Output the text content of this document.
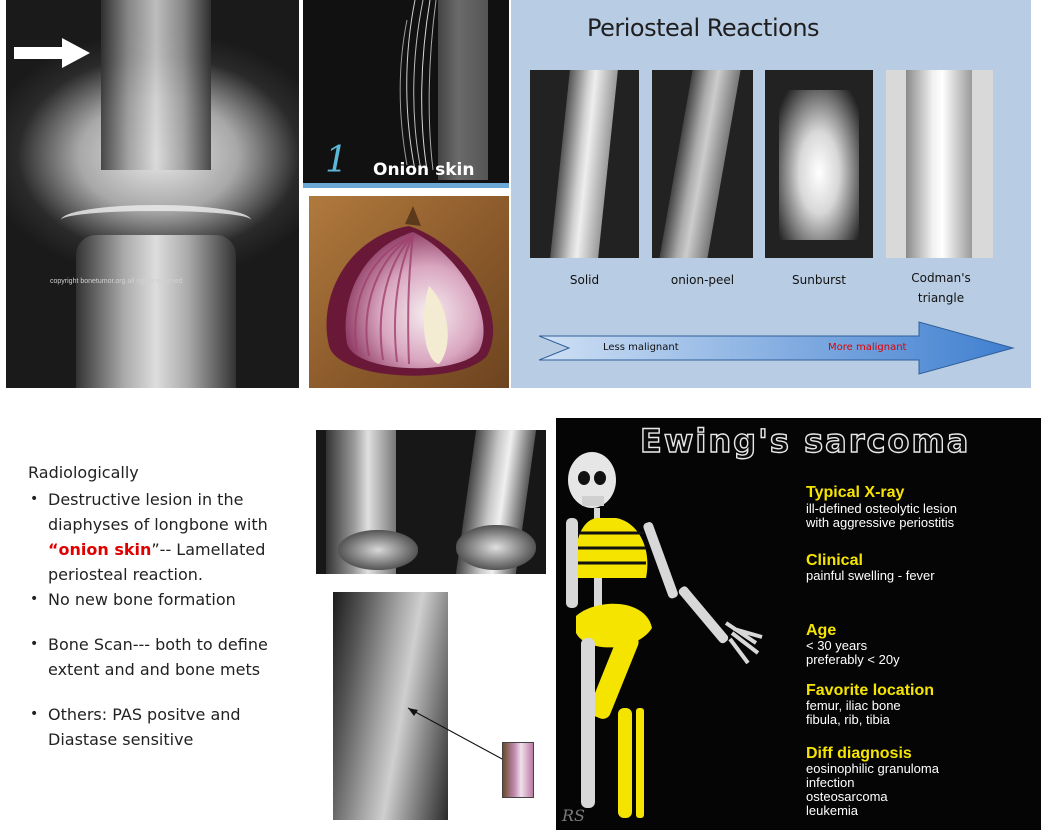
copyright bonetumor.org all rights reserved
1 Onion skin
Periosteal Reactions
Solid	onion-peel	Sunburst	Codman's triangle
Less malignant	More malignant
Radiologically
• Destructive lesion in the diaphyses of longbone with “onion skin”-- Lamellated periosteal reaction.
• No new bone formation
• Bone Scan--- both to define extent and and bone mets
• Others: PAS positve and Diastase sensitive
Ewing's sarcoma
Typical X-ray
ill-defined osteolytic lesion
with aggressive periostitis
Clinical
painful swelling - fever
Age
< 30 years
preferably < 20y
Favorite location
femur, iliac bone
fibula, rib, tibia
Diff diagnosis
eosinophilic granuloma
infection
osteosarcoma
leukemia
RS
